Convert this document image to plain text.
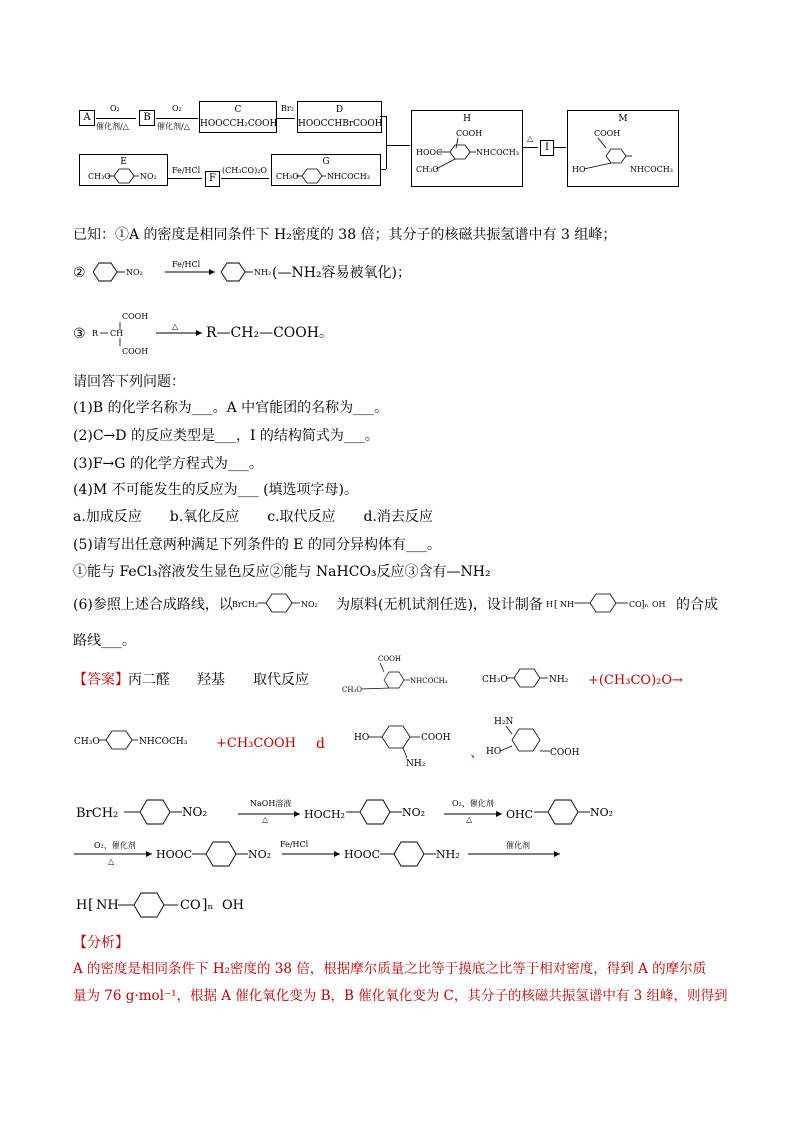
A
O₂
催化剂/△
B
O₂
催化剂/△
C
HOOCCH₂COOH
Br₂	D
HOOCCHBrCOOH
E
CH₃O	NO₂
Fe/HCl
F
(CH₃CO)₂O
G
CH₃O	NHCOCH₃
H
COOH
HOOC	NHCOCH₃
CH₃O
△
I
M
COOH
NHCOCH₃
HO
已知：①A 的密度是相同条件下 H₂密度的 38 倍；其分子的核磁共振氢谱中有 3 组峰；
②	NO₂	NH₂
Fe/HCl
(—NH₂容易被氧化)；
③
COOH
R CH
COOH
△ R—CH₂—COOH。
请回答下列问题：
(1)B 的化学名称为___。A 中官能团的名称为___。
(2)C→D 的反应类型是___，I 的结构简式为___。
(3)F→G 的化学方程式为___。
(4)M 不可能发生的反应为___ (填选项字母)。
a.加成反应　　b.氧化反应　　c.取代反应　　d.消去反应
(5)请写出任意两种满足下列条件的 E 的同分异构体有___。
①能与 FeCl₃溶液发生显色反应②能与 NaHCO₃反应③含有—NH₂
(6)参照上述合成路线，以 BrCH₂	NO₂ 为原料(无机试剂任选)，设计制备 H [ NH	CO ]ₙ OH 的合成
路线___。
【答案】 丙二醛 羟基 取代反应
COOH
NHCOCH₃
CH₃O
CH₃O	NH₂ +(CH₃CO)₂O→
CH₃O	NHCOCH₃ +CH₃COOH d	HO	COOH
NH₂
、
H₂N
HO	COOH
BrCH₂	NO₂	HOCH₂	NO₂	OHC	NO₂
NaOH溶液
△
O₂、催化剂
△
HOOC	NO₂	HOOC	NH₂
O₂、催化剂
△
Fe/HCl	催化剂
H [ NH	CO ]ₙ OH
【分析】
A 的密度是相同条件下 H₂密度的 38 倍，根据摩尔质量之比等于摸底之比等于相对密度，得到 A 的摩尔质
量为 76 g·mol⁻¹，根据 A 催化氧化变为 B，B 催化氧化变为 C，其分子的核磁共振氢谱中有 3 组峰，则得到
